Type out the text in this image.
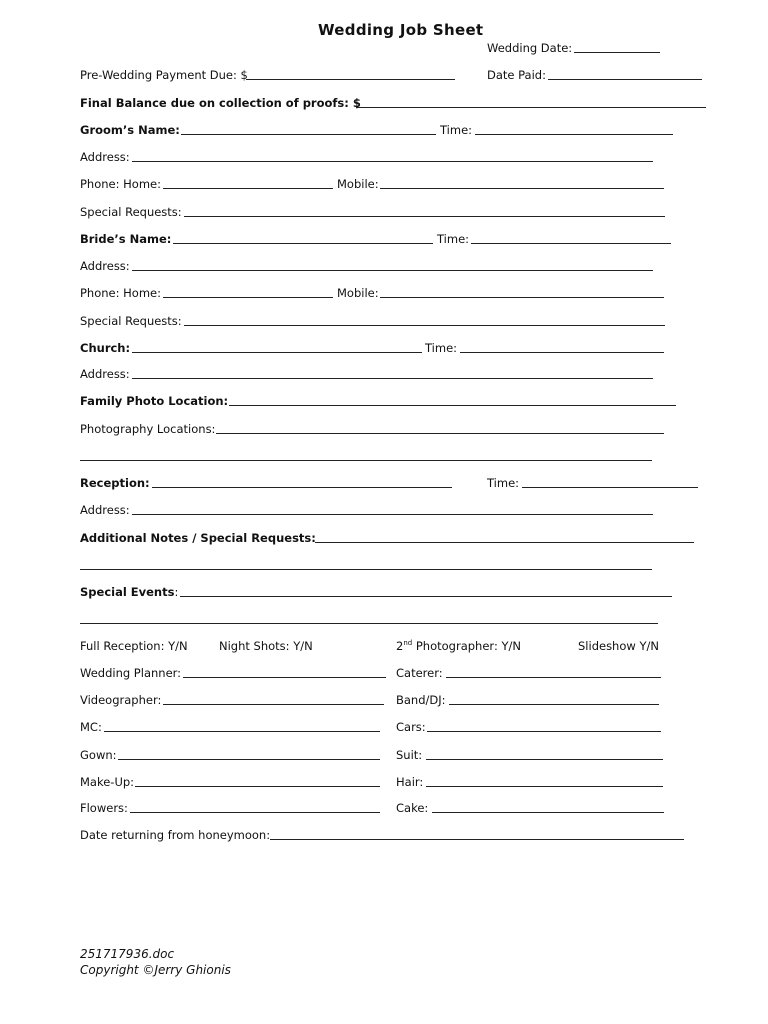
Wedding Job Sheet
Wedding Date:
Pre-Wedding Payment Due: $	Date Paid:
Final Balance due on collection of proofs: $
Groom’s Name:	Time:
Address:
Phone: Home:	Mobile:
Special Requests:
Bride’s Name:	Time:
Address:
Phone: Home:	Mobile:
Special Requests:
Church:	Time:
Address:
Family Photo Location:
Photography Locations:
Reception:	Time:
Address:
Additional Notes / Special Requests:
Special Events:
Full Reception: Y/N	Night Shots: Y/N	2nd Photographer: Y/N	Slideshow Y/N
Wedding Planner:	Caterer:
Videographer:	Band/DJ:
MC:	Cars:
Gown:	Suit:
Make-Up:	Hair:
Flowers:	Cake:
Date returning from honeymoon:
251717936.doc
Copyright ©Jerry Ghionis
